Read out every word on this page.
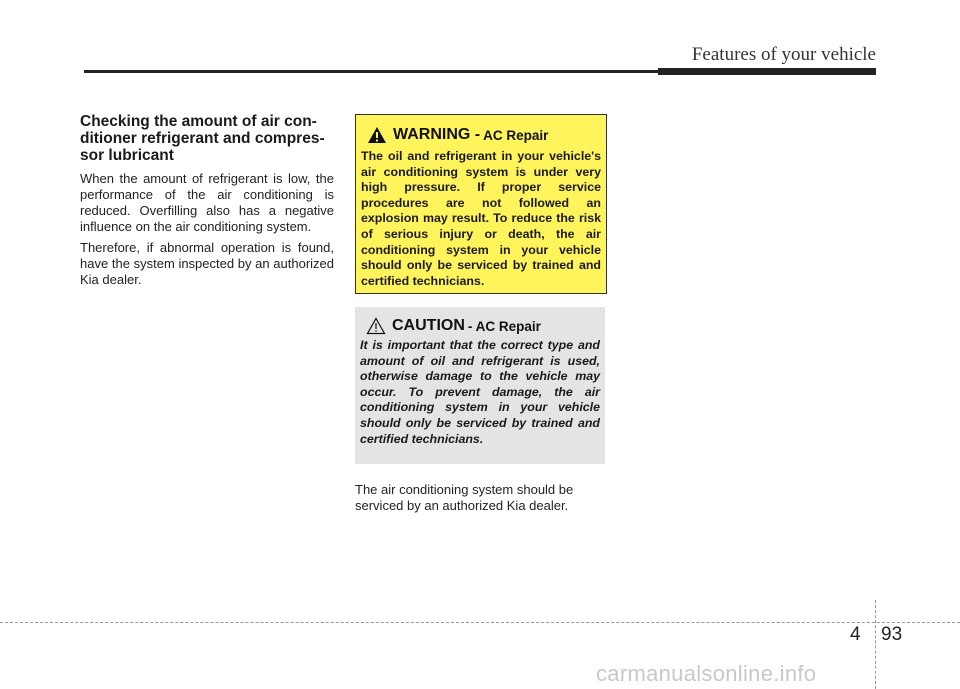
Features of your vehicle
Checking the amount of air con-
ditioner refrigerant and compres-
sor lubricant

When the amount of refrigerant is low, the performance of the air conditioning is reduced. Overfilling also has a negative influence on the air conditioning system.

Therefore, if abnormal operation is found, have the system inspected by an authorized Kia dealer.

WARNING - AC Repair

The oil and refrigerant in your vehicle's air conditioning system is under very high pressure. If proper service procedures are not followed an explosion may result. To reduce the risk of serious injury or death, the air conditioning system in your vehicle should only be serviced by trained and certified technicians.

CAUTION - AC Repair

It is important that the correct type and amount of oil and refrigerant is used, otherwise damage to the vehicle may occur. To prevent damage, the air conditioning system in your vehicle should only be serviced by trained and certified technicians.

The air conditioning system should be serviced by an authorized Kia dealer.

4 93
carmanualsonline.info
